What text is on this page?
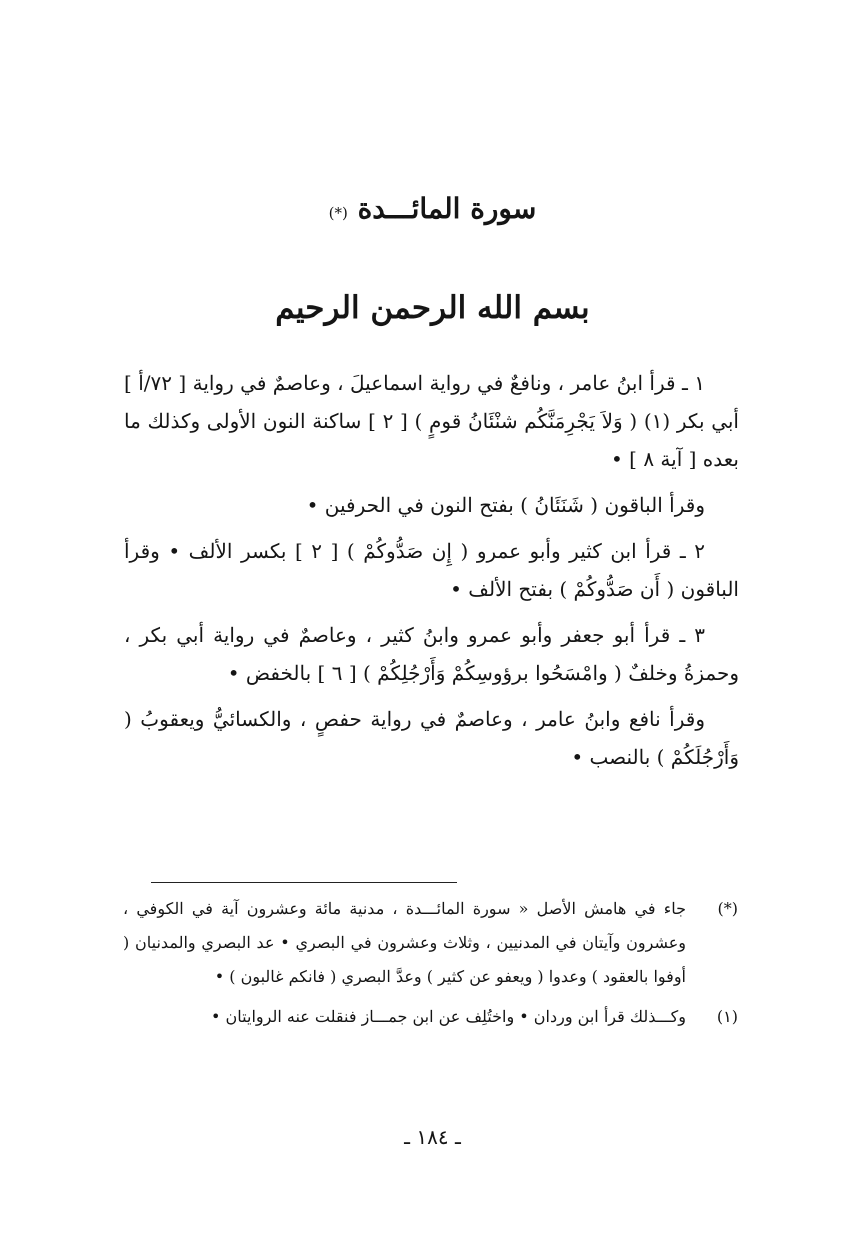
سورة المائـــدة (*)
بسم الله الرحمن الرحيم

١ ـ قرأ ابنُ عامر ، ونافعٌ في رواية اسماعيلَ ، وعاصمٌ في رواية [ ٧٢/أ ] أبي بكر (١) ( وَلاَ يَجْرِمَنَّكُم شنْئَانُ قومٍ ) [ ٢ ] ساكنة النون الأولى وكذلك ما بعده [ آية ٨ ] •

وقرأ الباقون ( شَنَئَانُ ) بفتح النون في الحرفين •

٢ ـ قرأ ابن كثير وأبو عمرو ( إِن صَدُّوكُمْ ) [ ٢ ] بكسر الألف • وقرأ الباقون ( أَن صَدُّوكُمْ ) بفتح الألف •

٣ ـ قرأ أبو جعفر وأبو عمرو وابنُ كثير ، وعاصمٌ في رواية أبي بكر ، وحمزةُ وخلفٌ ( وامْسَحُوا برؤوسِكُمْ وَأَرْجُلِكُمْ ) [ ٦ ] بالخفض •

وقرأ نافع وابنُ عامر ، وعاصمٌ في رواية حفصٍ ، والكسائيُّ ويعقوبُ ( وَأَرْجُلَكُمْ ) بالنصب •

(*)
جاء في هامش الأصل « سورة المائـــدة ، مدنية مائة وعشرون آية في الكوفي ، وعشرون وآيتان في المدنيين ، وثلاث وعشرون في البصري • عد البصري والمدنيان ( أوفوا بالعقود ) وعدوا ( ويعفو عن كثير ) وعدَّ البصري ( فانكم غالبون ) •
(١)
وكـــذلك قرأ ابن وردان • واختُلِف عن ابن جمـــاز فنقلت عنه الروايتان •
ـ ١٨٤ ـ
